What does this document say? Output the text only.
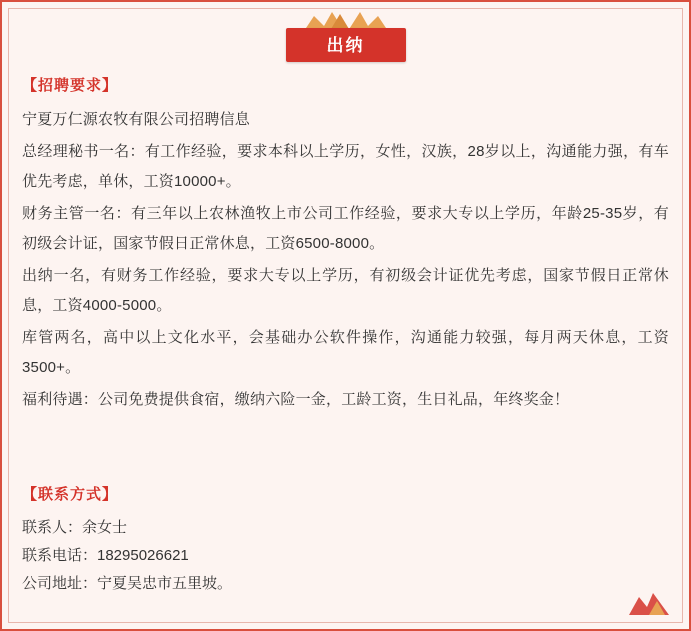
出纳
【招聘要求】

宁夏万仁源农牧有限公司招聘信息

总经理秘书一名：有工作经验，要求本科以上学历，女性，汉族，28岁以上，沟通能力强，有车优先考虑，单休，工资10000+。

财务主管一名：有三年以上农林渔牧上市公司工作经验，要求大专以上学历，年龄25-35岁，有初级会计证，国家节假日正常休息，工资6500-8000。

出纳一名，有财务工作经验，要求大专以上学历，有初级会计证优先考虑，国家节假日正常休息，工资4000-5000。

库管两名，高中以上文化水平，会基础办公软件操作，沟通能力较强，每月两天休息，工资3500+。

福利待遇：公司免费提供食宿，缴纳六险一金，工龄工资，生日礼品，年终奖金！

【联系方式】

联系人：余女士

联系电话：18295026621

公司地址：宁夏吴忠市五里坡。
